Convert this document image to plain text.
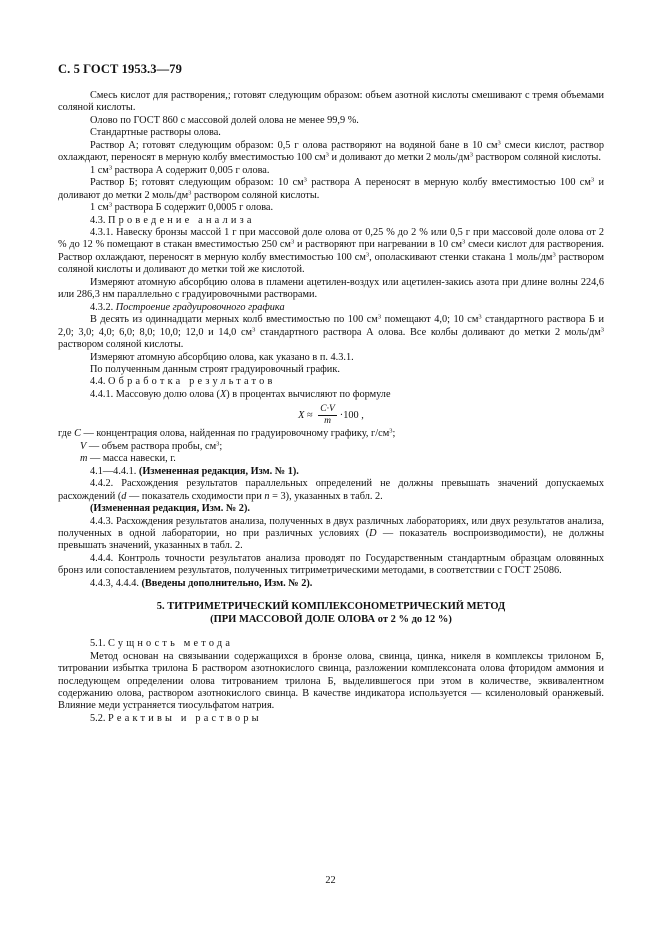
С. 5 ГОСТ 1953.3—79

Смесь кислот для растворения,; готовят следующим образом: объем азотной кислоты смешивают с тремя объемами соляной кислоты.

Олово по ГОСТ 860 с массовой долей олова не менее 99,9 %.

Стандартные растворы олова.

Раствор А; готовят следующим образом: 0,5 г олова растворяют на водяной бане в 10 $см^3$ смеси кислот, раствор охлаждают, переносят в мерную колбу вместимостью 100 $см^3$ и доливают до метки 2 моль/$дм^3$ раствором соляной кислоты.

1 $см^3$ раствора А содержит 0,005 г олова.

Раствор Б; готовят следующим образом: 10 $см^3$ раствора А переносят в мерную колбу вместимостью 100 $см^3$ и доливают до метки 2 моль/$дм^3$ раствором соляной кислоты.

1 $см^3$ раствора Б содержит 0,0005 г олова.

4.3. Проведение анализа

4.3.1. Навеску бронзы массой 1 г при массовой доле олова от 0,25 % до 2 % или 0,5 г при массовой доле олова от 2 % до 12 % помещают в стакан вместимостью 250 $см^3$ и растворяют при нагревании в 10 $см^3$ смеси кислот для растворения. Раствор охлаждают, переносят в мерную колбу вместимостью 100 $см^3$, ополаскивают стенки стакана 1 моль/$дм^3$ раствором соляной кислоты и доливают до метки той же кислотой.

Измеряют атомную абсорбцию олова в пламени ацетилен-воздух или ацетилен-закись азота при длине волны 224,6 или 286,3 нм параллельно с градуировочными растворами.

4.3.2. Построение градуировочного графика

В десять из одиннадцати мерных колб вместимостью по 100 $см^3$ помещают 4,0; 10 $см^3$ стандартного раствора Б и 2,0; 3,0; 4,0; 6,0; 8,0; 10,0; 12,0 и 14,0 $см^3$ стандартного раствора А олова. Все колбы доливают до метки 2 моль/$дм^3$ раствором соляной кислоты.

Измеряют атомную абсорбцию олова, как указано в п. 4.3.1.

По полученным данным строят градуировочный график.

4.4. Обработка результатов

4.4.1. Массовую долю олова (X) в процентах вычисляют по формуле

$X \approx \frac{C\cdot V}{m} \cdot 100$ ,

где C — концентрация олова, найденная по градуировочному графику, $г/см^3$;

V — объем раствора пробы, $см^3$;

m — масса навески, г.

4.1—4.4.1. (Измененная редакция, Изм. № 1).

4.4.2. Расхождения результатов параллельных определений не должны превышать значений допускаемых расхождений (d — показатель сходимости при n = 3), указанных в табл. 2.

(Измененная редакция, Изм. № 2).

4.4.3. Расхождения результатов анализа, полученных в двух различных лабораториях, или двух результатов анализа, полученных в одной лаборатории, но при различных условиях (D — показатель воспроизводимости), не должны превышать значений, указанных в табл. 2.

4.4.4. Контроль точности результатов анализа проводят по Государственным стандартным образцам оловянных бронз или сопоставлением результатов, полученных титриметрическими методами, в соответствии с ГОСТ 25086.

4.4.3, 4.4.4. (Введены дополнительно, Изм. № 2).

5. ТИТРИМЕТРИЧЕСКИЙ КОМПЛЕКСОНОМЕТРИЧЕСКИЙ МЕТОД
(ПРИ МАССОВОЙ ДОЛЕ ОЛОВА от 2 % до 12 %)

5.1. Сущность метода

Метод основан на связывании содержащихся в бронзе олова, свинца, цинка, никеля в комплексы трилоном Б, титровании избытка трилона Б раствором азотнокислого свинца, разложении комплексоната олова фторидом аммония и последующем определении олова титрованием трилона Б, выделившегося при этом в количестве, эквивалентном содержанию олова, раствором азотнокислого свинца. В качестве индикатора используется — ксиленоловый оранжевый. Влияние меди устраняется тиосульфатом натрия.

5.2. Реактивы и растворы

22
